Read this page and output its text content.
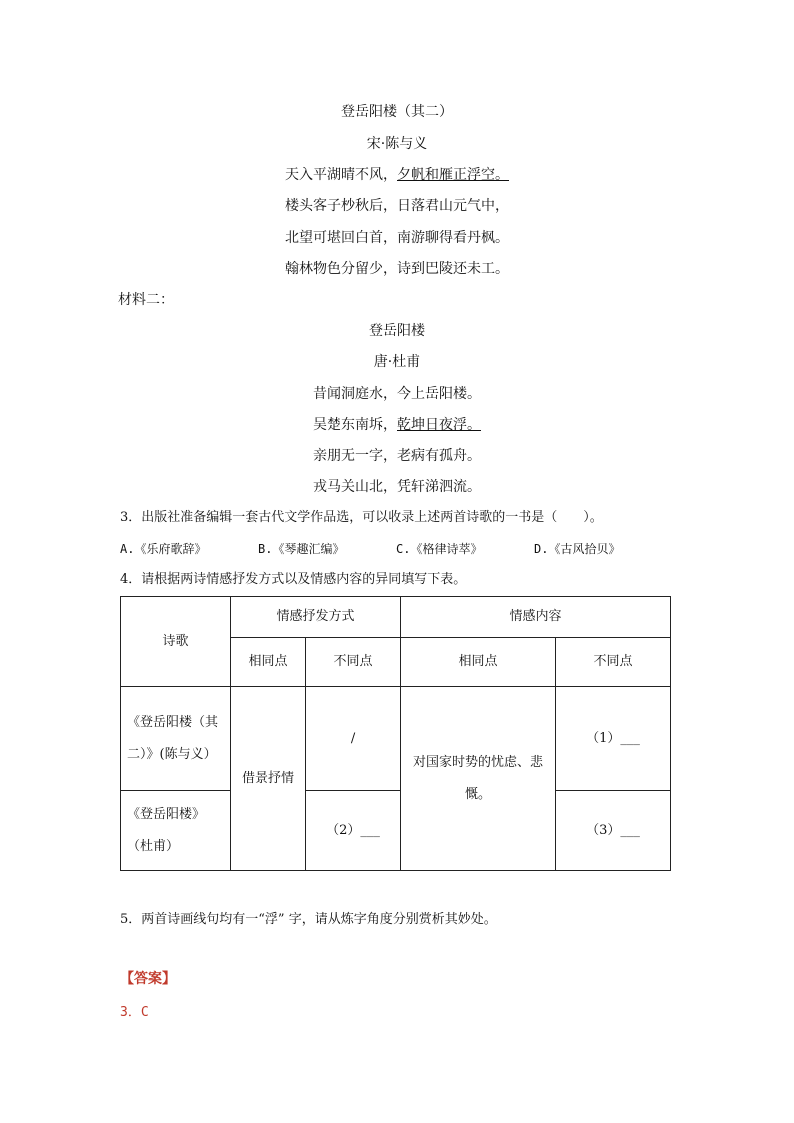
登岳阳楼（其二）
宋·陈与义
天入平湖晴不风，夕帆和雁正浮空。
楼头客子杪秋后，日落君山元气中，
北望可堪回白首，南游聊得看丹枫。
翰林物色分留少，诗到巴陵还未工。
材料二：
登岳阳楼
唐·杜甫
昔闻洞庭水，今上岳阳楼。
吴楚东南坼，乾坤日夜浮。
亲朋无一字，老病有孤舟。
戎马关山北，凭轩涕泗流。
3．出版社准备编辑一套古代文学作品选，可以收录上述两首诗歌的一书是（　　）。
A.《乐府歌辞》	B.《琴趣汇编》	C.《格律诗萃》	D.《古风拾贝》
4．请根据两诗情感抒发方式以及情感内容的异同填写下表。
诗歌	情感抒发方式		情感内容	
	相同点	不同点	相同点	不同点
《登岳阳楼（其二）》(陈与义）	借景抒情	/	对国家时势的忧虑、悲慨。	（1）___
《登岳阳楼》（杜甫）		（2）___		（3）___
5．两首诗画线句均有一“浮” 字，请从炼字角度分别赏析其妙处。
【答案】
3．C
